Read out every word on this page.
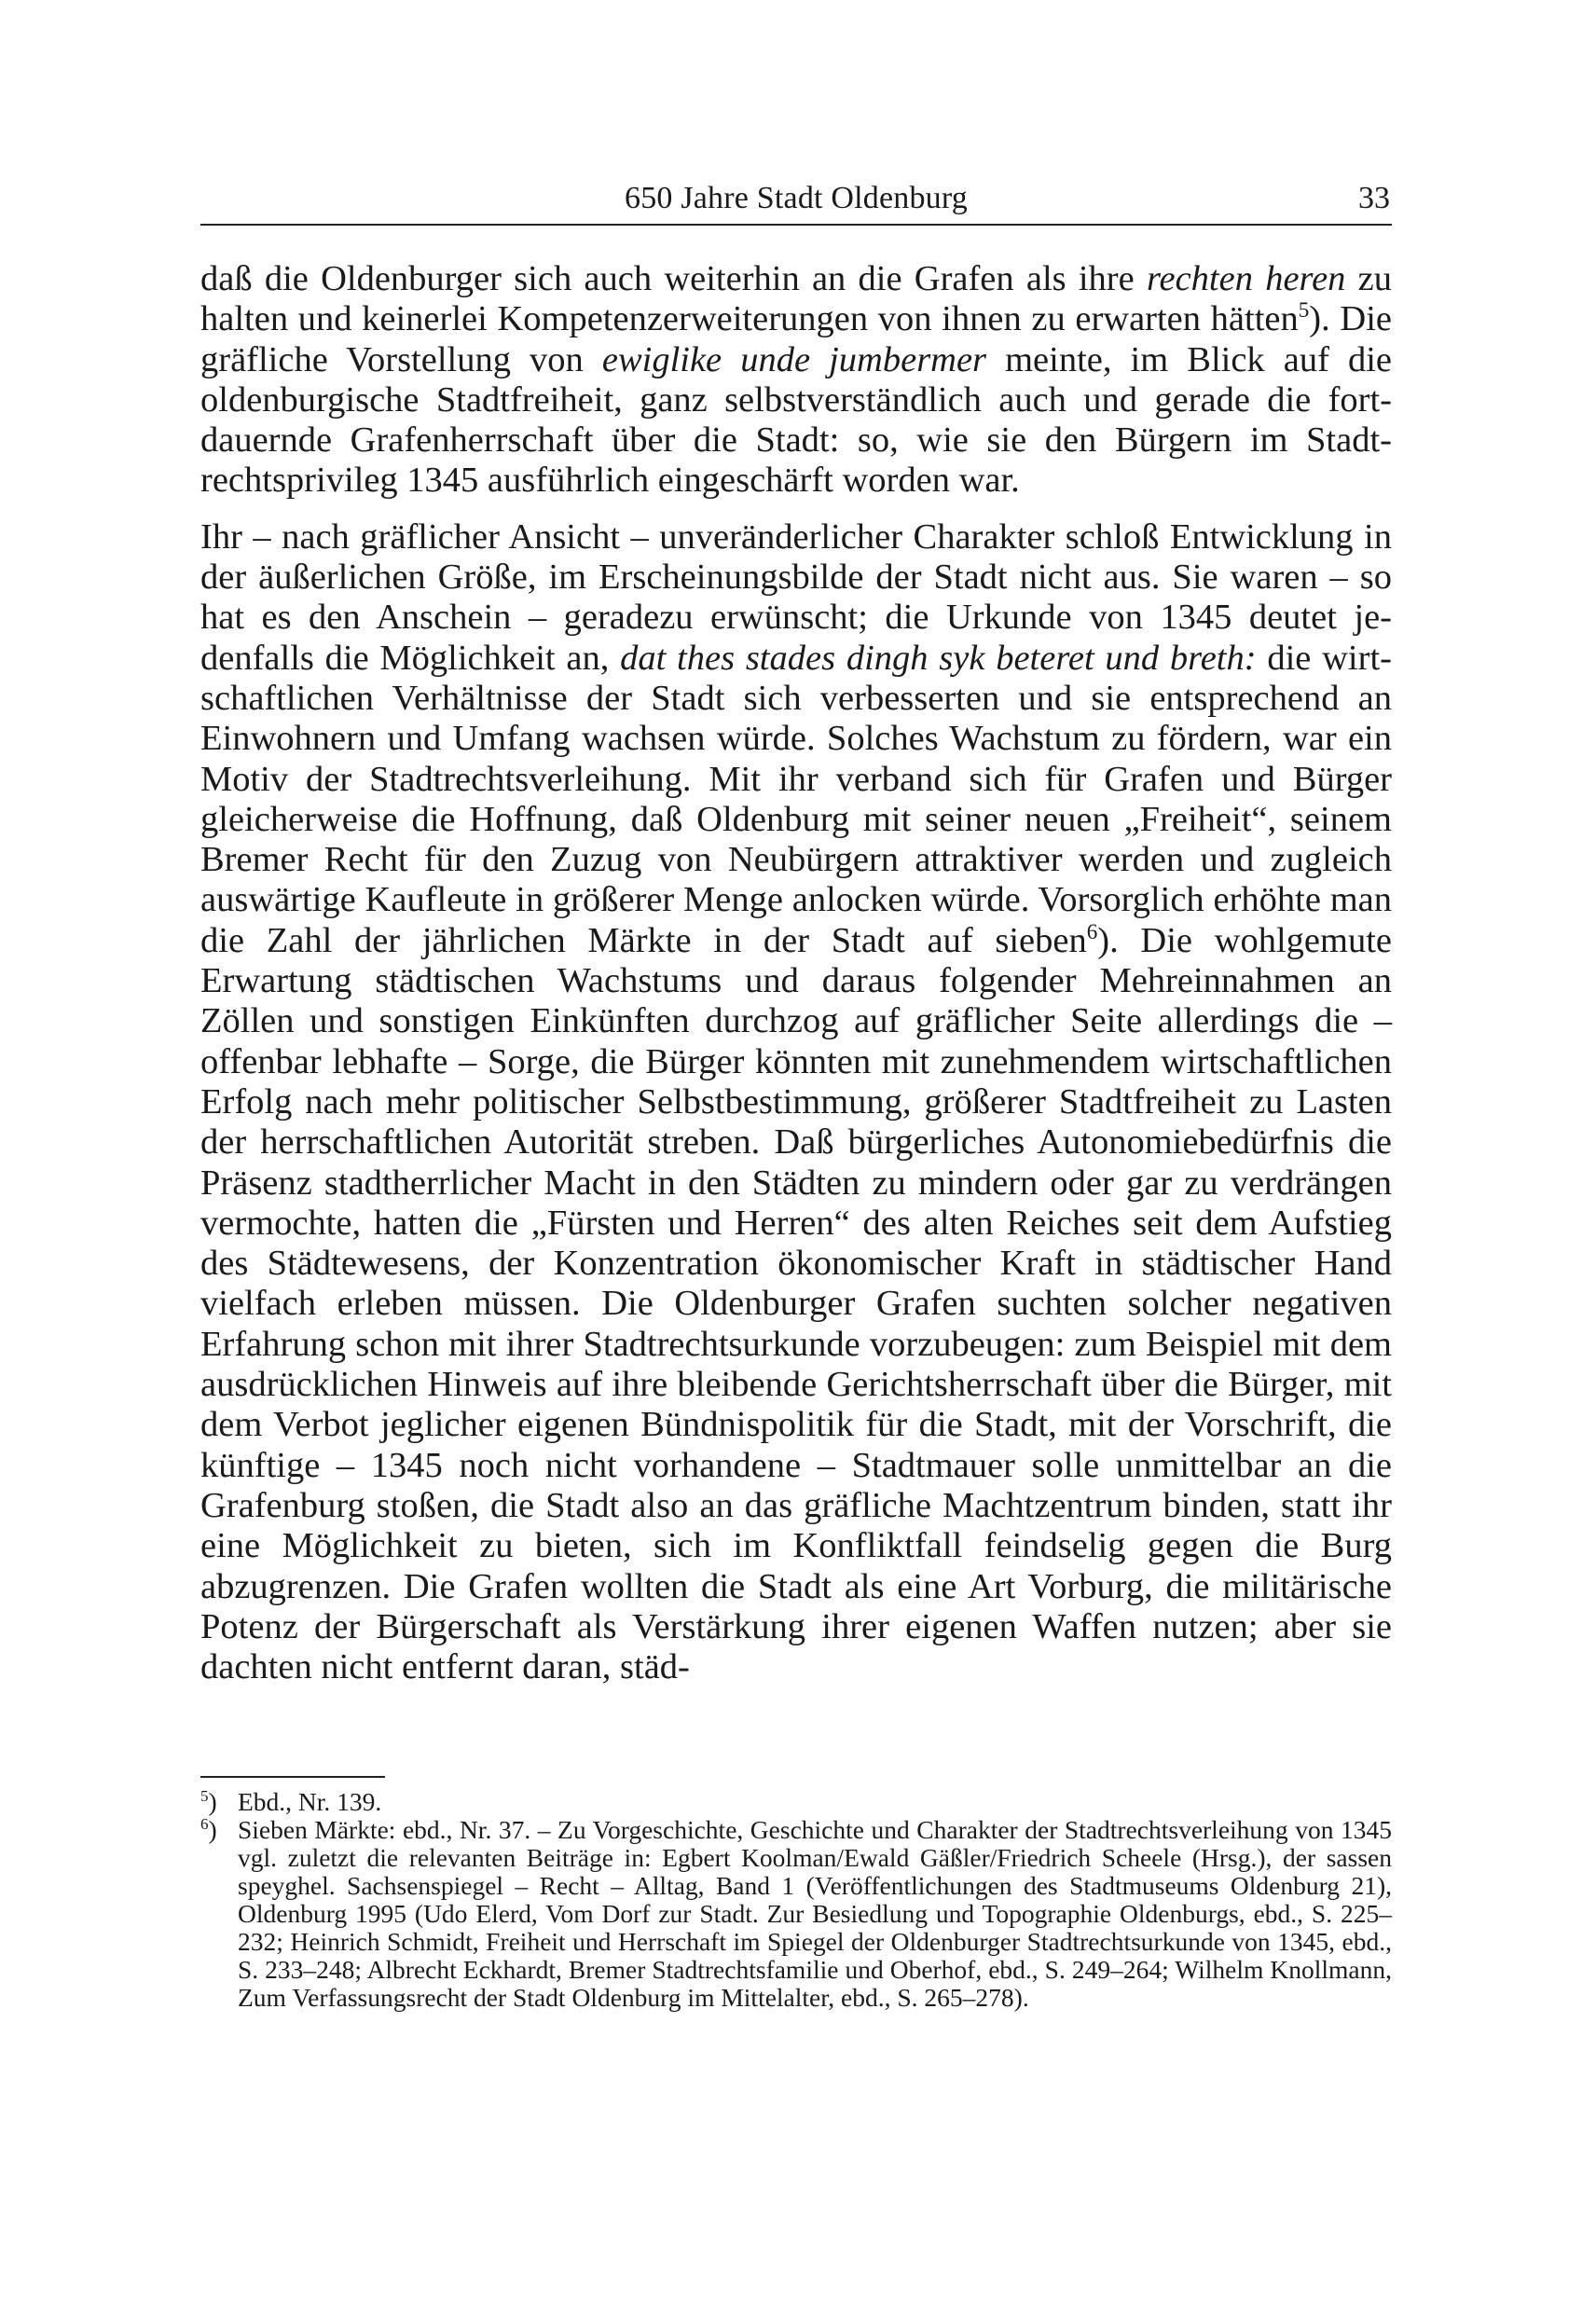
650 Jahre Stadt Oldenburg	33

daß die Oldenburger sich auch weiterhin an die Grafen als ihre rechten heren zu halten und keinerlei Kompetenzerweiterungen von ihnen zu erwarten hätten$^5$). Die gräfliche Vorstellung von ewiglike unde jumbermer meinte, im Blick auf die oldenburgische Stadtfreiheit, ganz selbstverständlich auch und gerade die fortdauernde Grafenherrschaft über die Stadt: so, wie sie den Bürgern im Stadtrechtsprivileg 1345 ausführlich eingeschärft worden war.

Ihr – nach gräflicher Ansicht – unveränderlicher Charakter schloß Entwicklung in der äußerlichen Größe, im Erscheinungsbilde der Stadt nicht aus. Sie waren – so hat es den Anschein – geradezu erwünscht; die Urkunde von 1345 deutet jedenfalls die Möglichkeit an, dat thes stades dingh syk beteret und breth: die wirtschaftlichen Verhältnisse der Stadt sich verbesserten und sie entsprechend an Einwohnern und Umfang wachsen würde. Solches Wachstum zu fördern, war ein Motiv der Stadtrechtsverleihung. Mit ihr verband sich für Grafen und Bürger gleicherweise die Hoffnung, daß Oldenburg mit seiner neuen „Freiheit“, seinem Bremer Recht für den Zuzug von Neubürgern attraktiver werden und zugleich auswärtige Kaufleute in größerer Menge anlocken würde. Vorsorglich erhöhte man die Zahl der jährlichen Märkte in der Stadt auf sieben$^6$). Die wohlgemute Erwartung städtischen Wachstums und daraus folgender Mehreinnahmen an Zöllen und sonstigen Einkünften durchzog auf gräflicher Seite allerdings die – offenbar lebhafte – Sorge, die Bürger könnten mit zunehmendem wirtschaftlichen Erfolg nach mehr politischer Selbstbestimmung, größerer Stadtfreiheit zu Lasten der herrschaftlichen Autorität streben. Daß bürgerliches Autonomiebedürfnis die Präsenz stadtherrlicher Macht in den Städten zu mindern oder gar zu verdrängen vermochte, hatten die „Fürsten und Herren“ des alten Reiches seit dem Aufstieg des Städtewesens, der Konzentration ökonomischer Kraft in städtischer Hand vielfach erleben müssen. Die Oldenburger Grafen suchten solcher negativen Erfahrung schon mit ihrer Stadtrechtsurkunde vorzubeugen: zum Beispiel mit dem ausdrücklichen Hinweis auf ihre bleibende Gerichtsherrschaft über die Bürger, mit dem Verbot jeglicher eigenen Bündnispolitik für die Stadt, mit der Vorschrift, die künftige – 1345 noch nicht vorhandene – Stadtmauer solle unmittelbar an die Grafenburg stoßen, die Stadt also an das gräfliche Machtzentrum binden, statt ihr eine Möglichkeit zu bieten, sich im Konfliktfall feindselig gegen die Burg abzugrenzen. Die Grafen wollten die Stadt als eine Art Vorburg, die militärische Potenz der Bürgerschaft als Verstärkung ihrer eigenen Waffen nutzen; aber sie dachten nicht entfernt daran, städ-

$^5$) Ebd., Nr. 139.
$^6$) Sieben Märkte: ebd., Nr. 37. – Zu Vorgeschichte, Geschichte und Charakter der Stadtrechtsverleihung von 1345 vgl. zuletzt die relevanten Beiträge in: Egbert Koolman/Ewald Gäßler/Friedrich Scheele (Hrsg.), der sassen speyghel. Sachsenspiegel – Recht – Alltag, Band 1 (Veröffentlichungen des Stadtmuseums Oldenburg 21), Oldenburg 1995 (Udo Elerd, Vom Dorf zur Stadt. Zur Besiedlung und Topographie Oldenburgs, ebd., S. 225–232; Heinrich Schmidt, Freiheit und Herrschaft im Spiegel der Oldenburger Stadtrechtsurkunde von 1345, ebd., S. 233–248; Albrecht Eckhardt, Bremer Stadtrechtsfamilie und Oberhof, ebd., S. 249–264; Wilhelm Knollmann, Zum Verfassungsrecht der Stadt Oldenburg im Mittelalter, ebd., S. 265–278).
